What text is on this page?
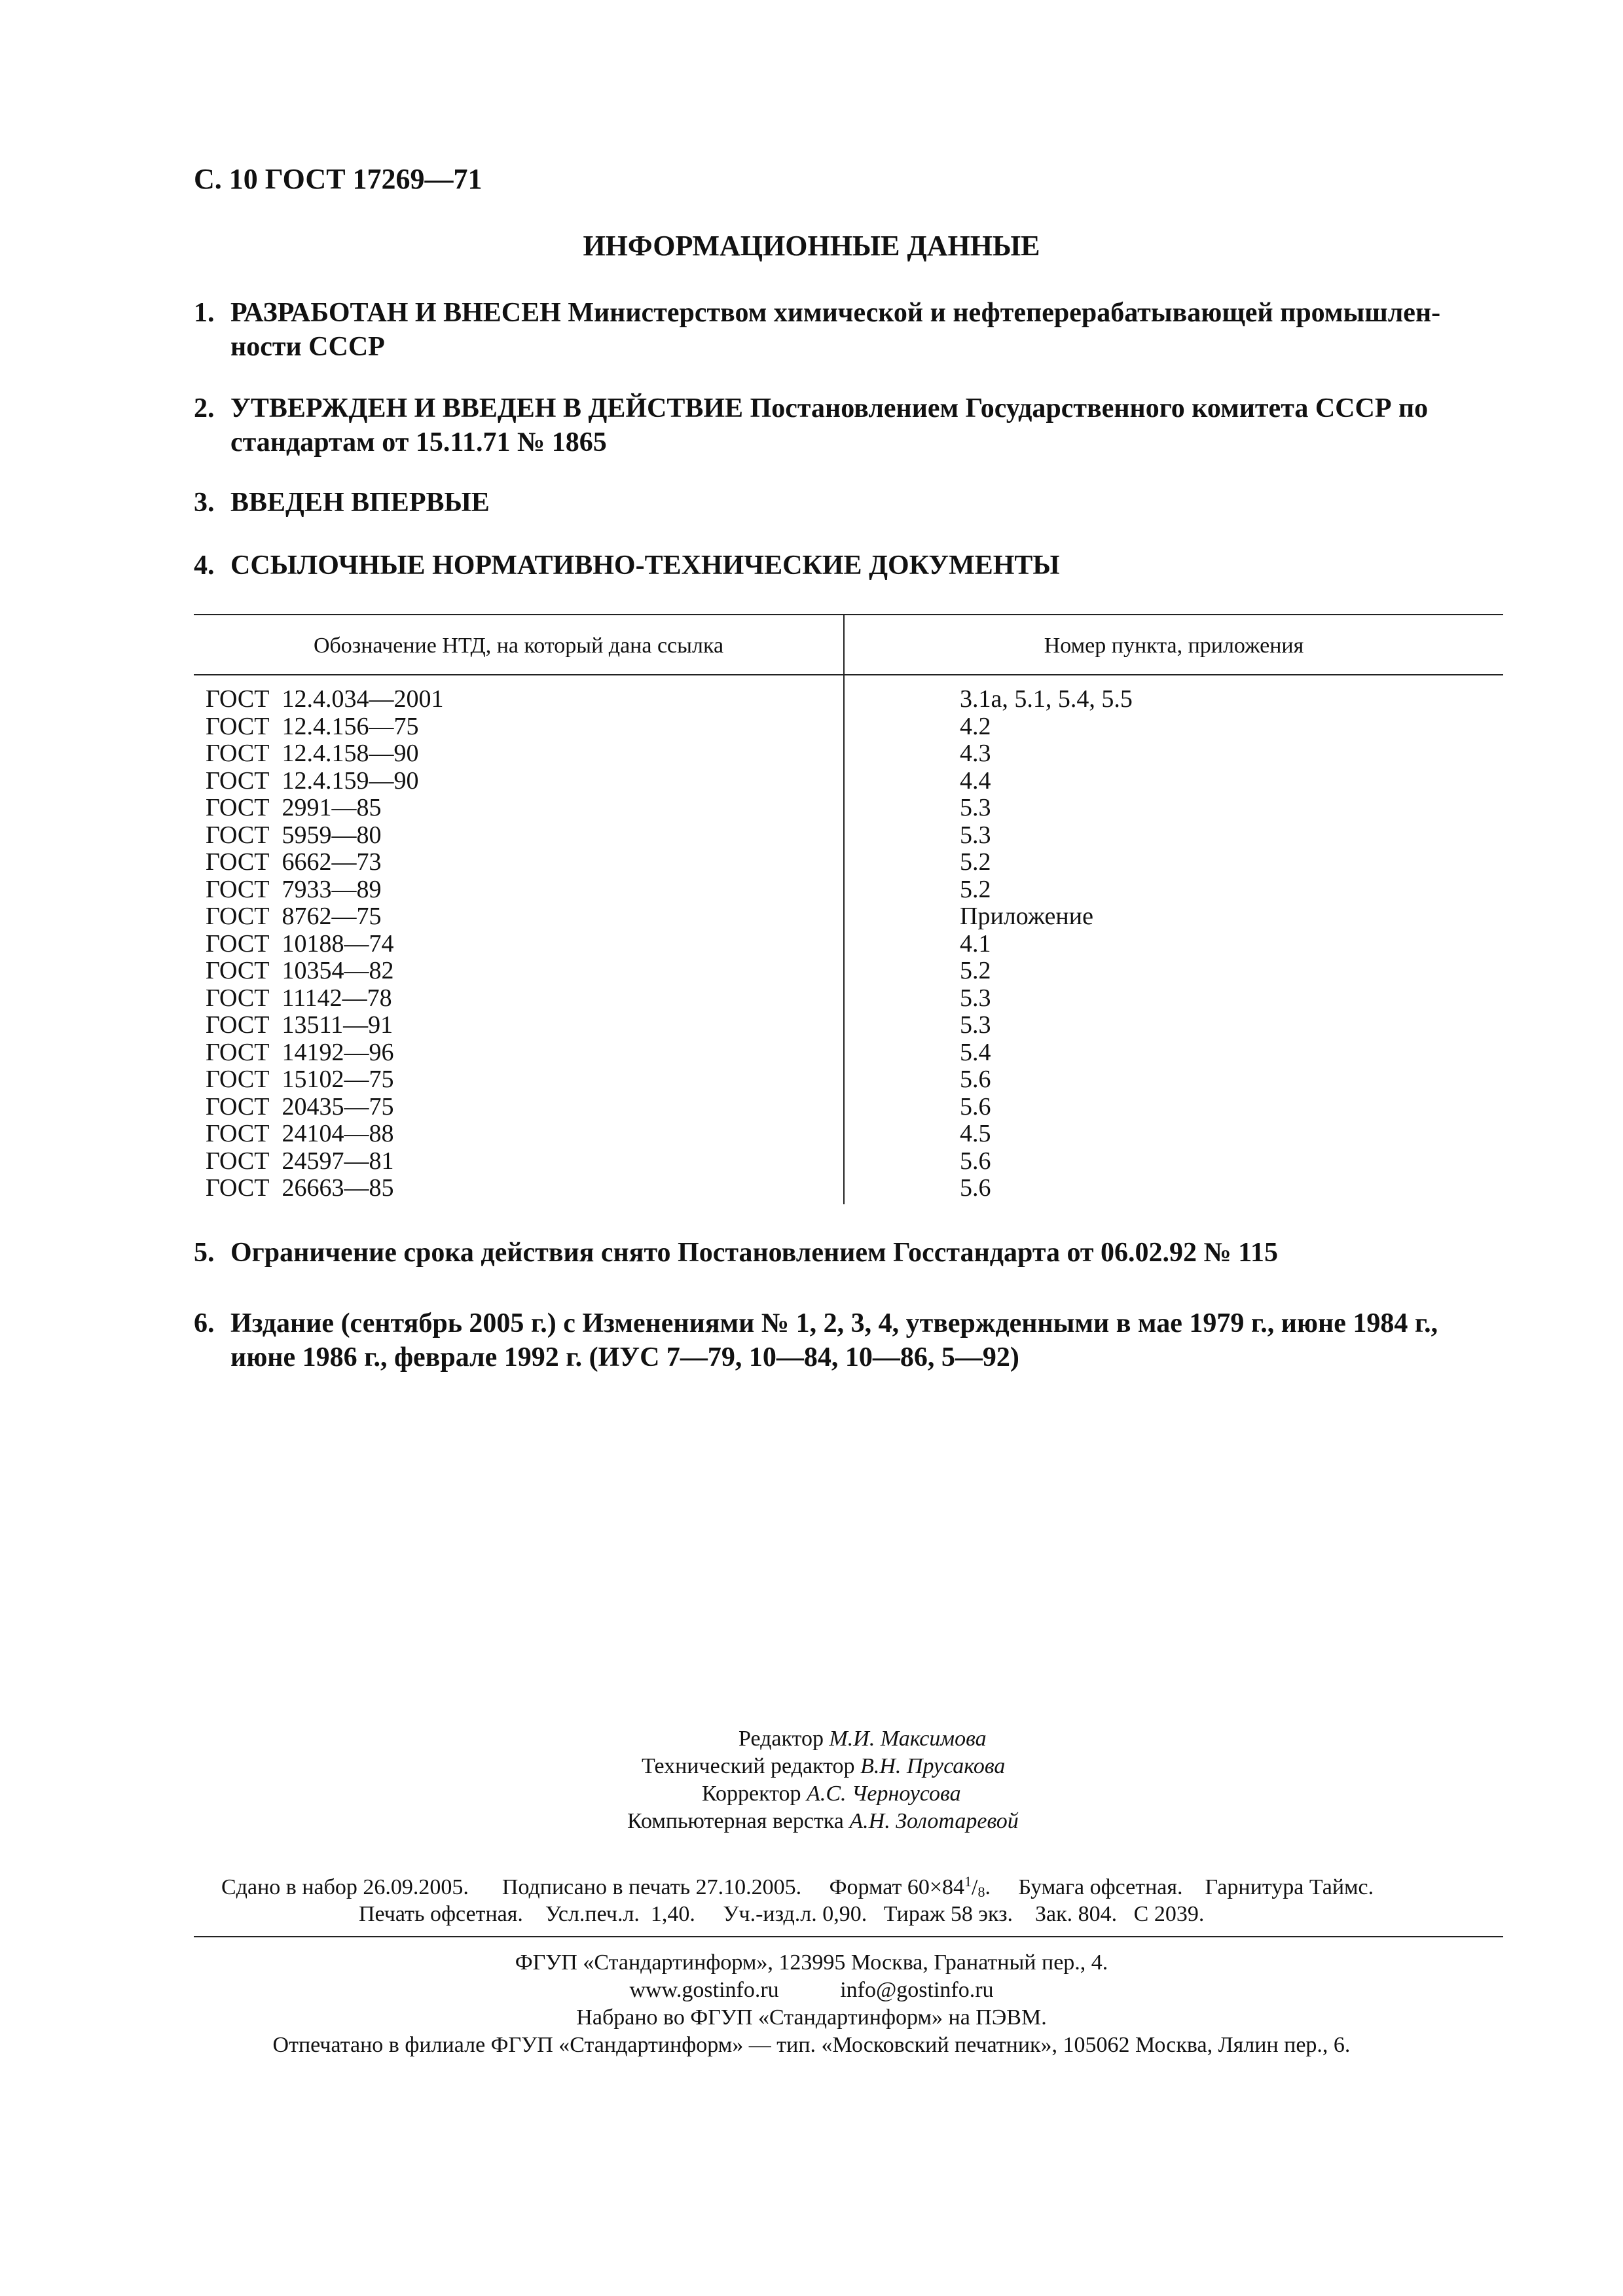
С. 10 ГОСТ 17269—71
ИНФОРМАЦИОННЫЕ ДАННЫЕ
1. РАЗРАБОТАН И ВНЕСЕН Министерством химической и нефтеперерабатывающей промышлен-
ности СССР
2. УТВЕРЖДЕН И ВВЕДЕН В ДЕЙСТВИЕ Постановлением Государственного комитета СССР по
стандартам от 15.11.71 № 1865
3. ВВЕДЕН ВПЕРВЫЕ
4. ССЫЛОЧНЫЕ НОРМАТИВНО-ТЕХНИЧЕСКИЕ ДОКУМЕНТЫ
Обозначение НТД, на который дана ссылка	Номер пункта, приложения
ГОСТ  12.4.034—2001	3.1а, 5.1, 5.4, 5.5
ГОСТ  12.4.156—75	4.2
ГОСТ  12.4.158—90	4.3
ГОСТ  12.4.159—90	4.4
ГОСТ  2991—85	5.3
ГОСТ  5959—80	5.3
ГОСТ  6662—73	5.2
ГОСТ  7933—89	5.2
ГОСТ  8762—75	Приложение
ГОСТ  10188—74	4.1
ГОСТ  10354—82	5.2
ГОСТ  11142—78	5.3
ГОСТ  13511—91	5.3
ГОСТ  14192—96	5.4
ГОСТ  15102—75	5.6
ГОСТ  20435—75	5.6
ГОСТ  24104—88	4.5
ГОСТ  24597—81	5.6
ГОСТ  26663—85	5.6
5. Ограничение срока действия снято Постановлением Госстандарта от 06.02.92 № 115
6. Издание (сентябрь 2005 г.) с Изменениями № 1, 2, 3, 4, утвержденными в мае 1979 г., июне 1984 г.,
июне 1986 г., феврале 1992 г. (ИУС 7—79, 10—84, 10—86, 5—92)
Редактор М.И. Максимова
Технический редактор В.Н. Прусакова
Корректор А.С. Черноусова
Компьютерная верстка А.Н. Золотаревой
Сдано в набор 26.09.2005. Подписано в печать 27.10.2005. Формат $60\times 84^1/_8$. Бумага офсетная. Гарнитура Таймс.
Печать офсетная.    Усл.печ.л.  1,40.     Уч.-изд.л. 0,90.   Тираж 58 экз.    Зак. 804.   С 2039.
ФГУП «Стандартинформ», 123995 Москва, Гранатный пер., 4.
www.gostinfo.ru	info@gostinfo.ru
Набрано во ФГУП «Стандартинформ» на ПЭВМ.
Отпечатано в филиале ФГУП «Стандартинформ» — тип. «Московский печатник», 105062 Москва, Лялин пер., 6.
